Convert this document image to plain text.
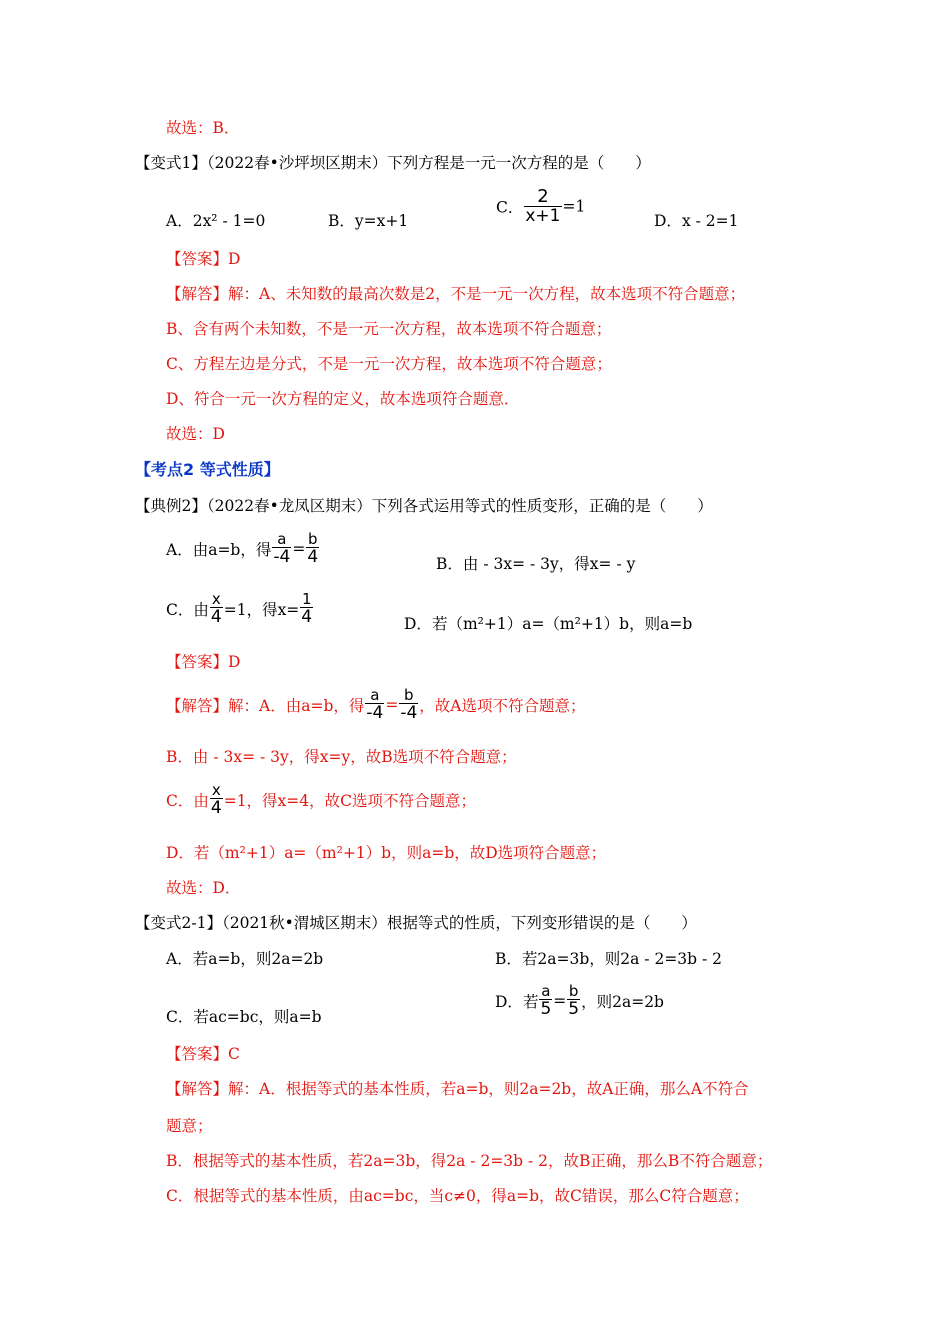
故选：B．
【变式1】（2022春•沙坪坝区期末）下列方程是一元一次方程的是（　　）
A．2x² - 1=0	B．y=x+1
C． $\frac{2}{x+1} =1$
D．x - 2=1
【答案】D
【解答】解：A、未知数的最高次数是2，不是一元一次方程，故本选项不符合题意；
B、含有两个未知数，不是一元一次方程，故本选项不符合题意；
C、方程左边是分式，不是一元一次方程，故本选项不符合题意；
D、符合一元一次方程的定义，故本选项符合题意．
故选：D
【考点2 等式性质】
【典例2】（2022春•龙凤区期末）下列各式运用等式的性质变形，正确的是（　　）
A．由a=b，得 $\frac{a}{-4} = \frac{b}{4}$	B．由 - 3x= - 3y，得x= - y
C．由 $\frac{x}{4} =1$，得$x= \frac{1}{4}$	D．若（m²+1）a=（m²+1）b，则a=b
【答案】D
【解答】解：A．由a=b，得 $\frac{a}{-4} = \frac{b}{-4}$ ，故A选项不符合题意；
B．由 - 3x= - 3y，得x=y，故B选项不符合题意；
C．由 $\frac{x}{4} =1$，得x=4，故C选项不符合题意；
D．若（m²+1）a=（m²+1）b，则a=b，故D选项符合题意；
故选：D．
【变式2-1】（2021秋•渭城区期末）根据等式的性质，下列变形错误的是（　　）
A．若a=b，则2a=2b	B．若2a=3b，则2a - 2=3b - 2
C．若ac=bc，则a=b
D．若 $\frac{a}{5} = \frac{b}{5}$ ，则2a=2b
【答案】C
【解答】解：A．根据等式的基本性质，若a=b，则2a=2b，故A正确，那么A不符合
题意；
B．根据等式的基本性质，若2a=3b，得2a - 2=3b - 2，故B正确，那么B不符合题意；
C．根据等式的基本性质，由ac=bc，当c≠0，得a=b，故C错误，那么C符合题意；
